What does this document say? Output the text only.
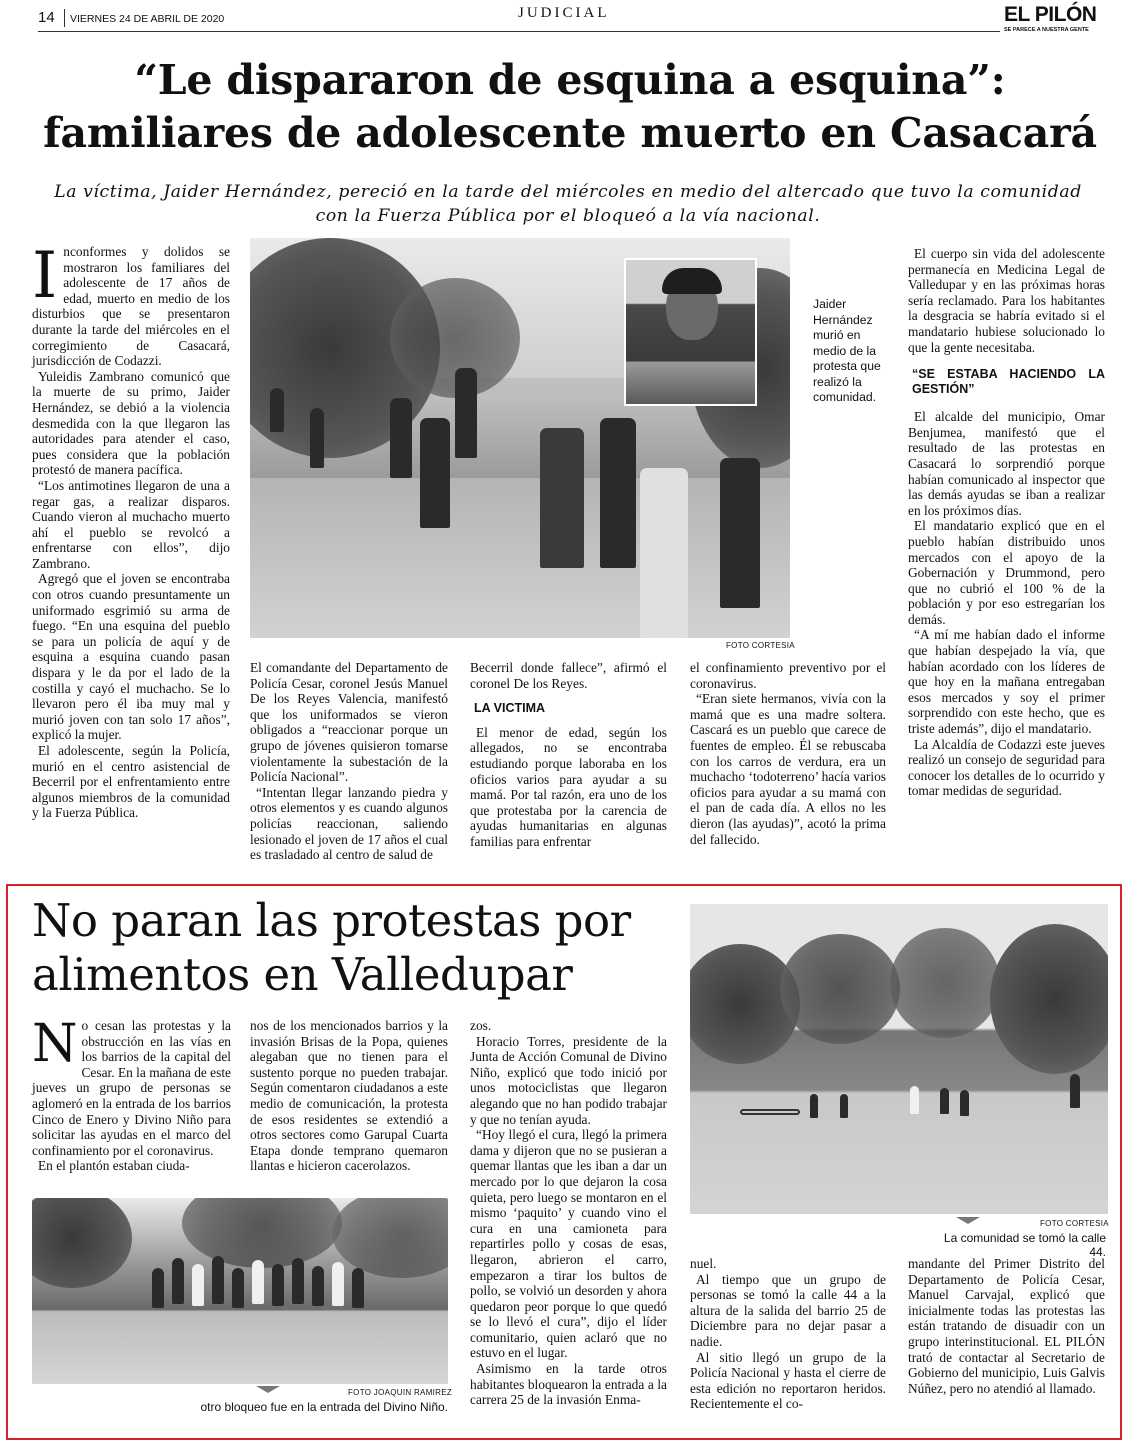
14 VIERNES 24 DE ABRIL DE 2020	JUDICIAL	EL PILÓN
SE PARECE A NUESTRA GENTE
“Le dispararon de esquina a esquina”:
familiares de adolescente muerto en Casacará
La víctima, Jaider Hernández, pereció en la tarde del miércoles en medio del altercado que tuvo la comunidad con la Fuerza Pública por el bloqueó a la vía nacional.

Inconformes y dolidos se mostraron los familiares del adolescente de 17 años de edad, muerto en medio de los disturbios que se presentaron durante la tarde del miércoles en el corregimiento de Casacará, jurisdicción de Codazzi.

Yuleidis Zambrano comunicó que la muerte de su primo, Jaider Hernández, se debió a la violencia desmedida con la que llegaron las autoridades para atender el caso, pues considera que la población protestó de manera pacífica.

“Los antimotines llegaron de una a regar gas, a realizar disparos. Cuando vieron al muchacho muerto ahí el pueblo se revolcó a enfrentarse con ellos”, dijo Zambrano.

Agregó que el joven se encontraba con otros cuando presuntamente un uniformado esgrimió su arma de fuego. “En una esquina del pueblo se para un policía de aquí y de esquina a esquina cuando pasan dispara y le da por el lado de la costilla y cayó el muchacho. Se lo llevaron pero él iba muy mal y murió joven con tan solo 17 años”, explicó la mujer.

El adolescente, según la Policía, murió en el centro asistencial de Becerril por el enfrentamiento entre algunos miembros de la comunidad y la Fuerza Pública.

FOTO CORTESIA
Jaider Hernández murió en medio de la protesta que realizó la comunidad.

El comandante del Departamento de Policía Cesar, coronel Jesús Manuel De los Reyes Valencia, manifestó que los uniformados se vieron obligados a “reaccionar porque un grupo de jóvenes quisieron tomarse violentamente la subestación de la Policía Nacional”.

“Intentan llegar lanzando piedra y otros elementos y es cuando algunos policías reaccionan, saliendo lesionado el joven de 17 años el cual es trasladado al centro de salud de

Becerril donde fallece”, afirmó el coronel De los Reyes.

LA VICTIMA

El menor de edad, según los allegados, no se encontraba estudiando porque laboraba en los oficios varios para ayudar a su mamá. Por tal razón, era uno de los que protestaba por la carencia de ayudas humanitarias en algunas familias para enfrentar

el confinamiento preventivo por el coronavirus.

“Eran siete hermanos, vivía con la mamá que es una madre soltera. Cascará es un pueblo que carece de fuentes de empleo. Él se rebuscaba con los carros de verdura, era un muchacho ‘todoterreno’ hacía varios oficios para ayudar a su mamá con el pan de cada día. A ellos no les dieron (las ayudas)”, acotó la prima del fallecido.

El cuerpo sin vida del adolescente permanecía en Medicina Legal de Valledupar y en las próximas horas sería reclamado. Para los habitantes la desgracia se habría evitado si el mandatario hubiese solucionado lo que la gente necesitaba.

“SE ESTABA HACIENDO LA GESTIÓN”

El alcalde del municipio, Omar Benjumea, manifestó que el resultado de las protestas en Casacará lo sorprendió porque habían comunicado al inspector que las demás ayudas se iban a realizar en los próximos días.

El mandatario explicó que en el pueblo habían distribuido unos mercados con el apoyo de la Gobernación y Drummond, pero que no cubrió el 100 % de la población y por eso estregarían los demás.

“A mí me habían dado el informe que habían despejado la vía, que habían acordado con los líderes de que hoy en la mañana entregaban esos mercados y soy el primer sorprendido con este hecho, que es triste además”, dijo el mandatario.

La Alcaldía de Codazzi este jueves realizó un consejo de seguridad para conocer los detalles de lo ocurrido y tomar medidas de seguridad.

No paran las protestas por
alimentos en Valledupar
FOTO CORTESIA
La comunidad se tomó la calle 44.

No cesan las protestas y la obstrucción en las vías en los barrios de la capital del Cesar. En la mañana de este jueves un grupo de personas se aglomeró en la entrada de los barrios Cinco de Enero y Divino Niño para solicitar las ayudas en el marco del confinamiento por el coronavirus.

En el plantón estaban ciuda-

nos de los mencionados barrios y la invasión Brisas de la Popa, quienes alegaban que no tienen para el sustento porque no pueden trabajar. Según comentaron ciudadanos a este medio de comunicación, la protesta de esos residentes se extendió a otros sectores como Garupal Cuarta Etapa donde temprano quemaron llantas e hicieron cacerolazos.

FOTO JOAQUIN RAMIREZ
otro bloqueo fue en la entrada del Divino Niño.

zos.

Horacio Torres, presidente de la Junta de Acción Comunal de Divino Niño, explicó que todo inició por unos motociclistas que llegaron alegando que no han podido trabajar y que no tenían ayuda.

“Hoy llegó el cura, llegó la primera dama y dijeron que no se pusieran a quemar llantas que les iban a dar un mercado por lo que dejaron la cosa quieta, pero luego se montaron en el mismo ‘paquito’ y cuando vino el cura en una camioneta para repartirles pollo y cosas de esas, llegaron, abrieron el carro, empezaron a tirar los bultos de pollo, se volvió un desorden y ahora quedaron peor porque lo que quedó se lo llevó el cura”, dijo el líder comunitario, quien aclaró que no estuvo en el lugar.

Asimismo en la tarde otros habitantes bloquearon la entrada a la carrera 25 de la invasión Enma-

nuel.

Al tiempo que un grupo de personas se tomó la calle 44 a la altura de la salida del barrio 25 de Diciembre para no dejar pasar a nadie.

Al sitio llegó un grupo de la Policía Nacional y hasta el cierre de esta edición no reportaron heridos. Recientemente el co-

mandante del Primer Distrito del Departamento de Policía Cesar, Manuel Carvajal, explicó que inicialmente todas las protestas las están tratando de disuadir con un grupo interinstitucional. EL PILÓN trató de contactar al Secretario de Gobierno del municipio, Luis Galvis Núñez, pero no atendió al llamado.
